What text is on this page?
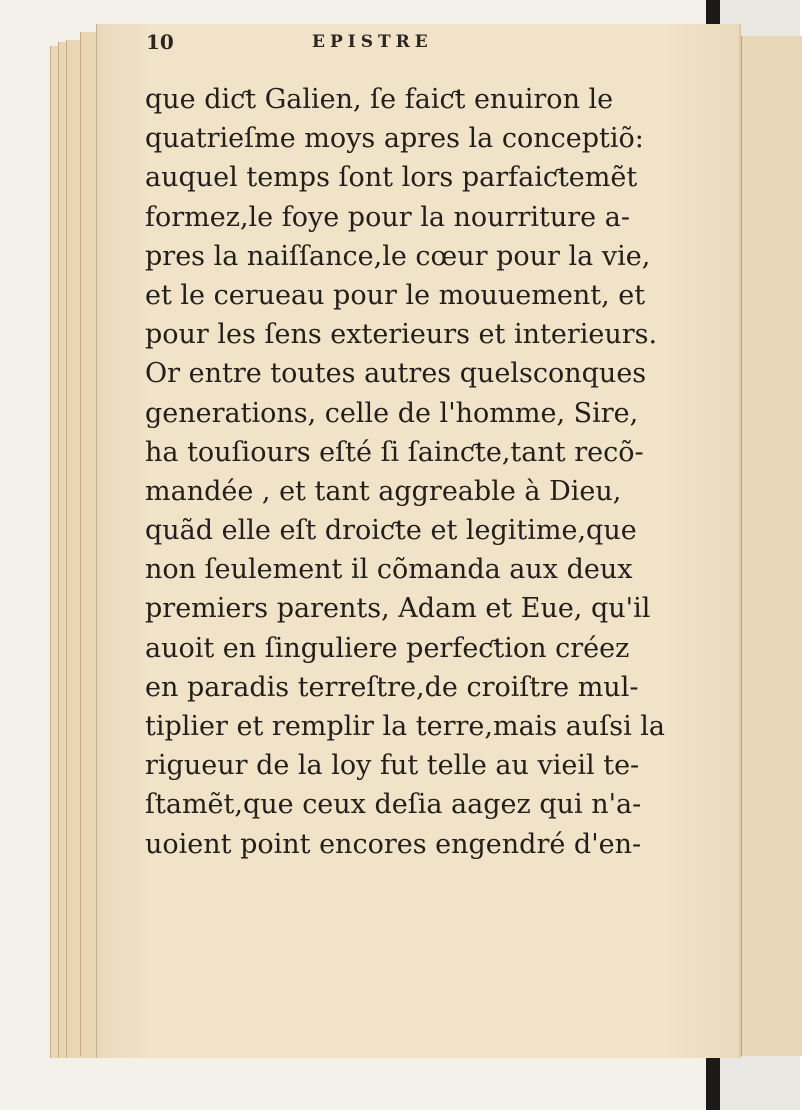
10	EPISTRE
que diƈt Galien, ſe faiƈt enuiron le
quatrieſme moys apres la conceptiõ:
auquel temps ſont lors parfaiƈtemẽt
formez,le foye pour la nourriture a-
pres la naiſſance,le cœur pour la vie,
et le cerueau pour le mouuement, et
pour les ſens exterieurs et interieurs.
Or entre toutes autres quelsconques
generations, celle de l'homme, Sire,
ha touſiours eſté ſi ſainƈte,tant recõ-
mandée , et tant aggreable à Dieu,
quãd elle eſt droiƈte et legitime,que
non ſeulement il cõmanda aux deux
premiers parents, Adam et Eue, qu'il
auoit en ſinguliere perfeƈtion créez
en paradis terreſtre,de croiſtre mul-
tiplier et remplir la terre,mais auſsi la
rigueur de la loy fut telle au vieil te-
ſtamẽt,que ceux deſia aagez qui n'a-
uoient point encores engendré d'en-
